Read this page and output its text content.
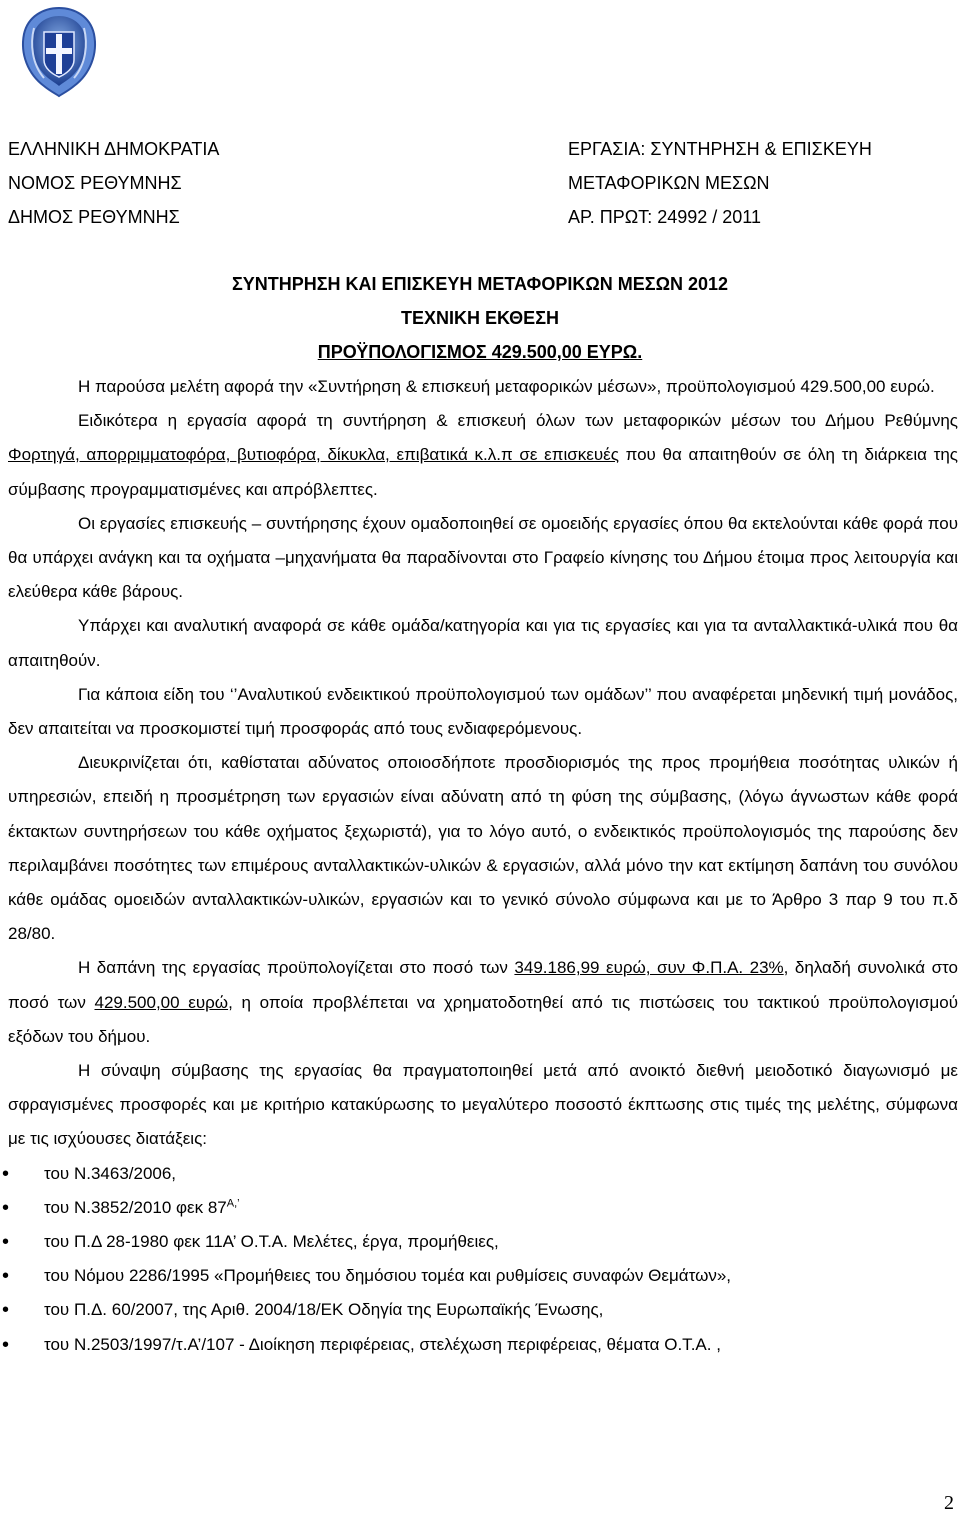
ΕΛΛΗΝΙΚΗ ΔΗΜΟΚΡΑΤΙΑ	ΕΡΓΑΣΙΑ: ΣΥΝΤΗΡΗΣΗ & ΕΠΙΣΚΕΥΗ
ΝΟΜΟΣ ΡΕΘΥΜΝΗΣ	ΜΕΤΑΦΟΡΙΚΩΝ ΜΕΣΩΝ
ΔΗΜΟΣ ΡΕΘΥΜΝΗΣ	ΑΡ. ΠΡΩΤ: 24992 / 2011
ΣΥΝΤΗΡΗΣΗ ΚΑΙ ΕΠΙΣΚΕΥΗ ΜΕΤΑΦΟΡΙΚΩΝ ΜΕΣΩΝ 2012
ΤΕΧΝΙΚΗ ΕΚΘΕΣΗ
ΠΡΟΫΠΟΛΟΓΙΣΜΟΣ 429.500,00 ΕΥΡΩ.

Η παρούσα μελέτη αφορά την «Συντήρηση & επισκευή μεταφορικών μέσων», προϋπολογισμού 429.500,00 ευρώ.

Ειδικότερα η εργασία αφορά τη συντήρηση & επισκευή όλων των μεταφορικών μέσων του Δήμου Ρεθύμνης Φορτηγά, απορριμματοφόρα, βυτιοφόρα, δίκυκλα, επιβατικά κ.λ.π σε επισκευές που θα απαιτηθούν σε όλη τη διάρκεια της σύμβασης προγραμματισμένες και απρόβλεπτες.

Οι εργασίες επισκευής – συντήρησης έχουν ομαδοποιηθεί σε ομοειδής εργασίες όπου θα εκτελούνται κάθε φορά που θα υπάρχει ανάγκη και τα οχήματα –μηχανήματα θα παραδίνονται στο Γραφείο κίνησης του Δήμου έτοιμα προς λειτουργία και ελεύθερα κάθε βάρους.

Υπάρχει και αναλυτική αναφορά σε κάθε ομάδα/κατηγορία και για τις εργασίες και για τα ανταλλακτικά-υλικά που θα απαιτηθούν.

Για κάποια είδη του ‘’Αναλυτικού ενδεικτικού προϋπολογισμού των ομάδων’’ που αναφέρεται μηδενική τιμή μονάδος, δεν απαιτείται να προσκομιστεί τιμή προσφοράς από τους ενδιαφερόμενους.

Διευκρινίζεται ότι, καθίσταται αδύνατος οποιοσδήποτε προσδιορισμός της προς προμήθεια ποσότητας υλικών ή υπηρεσιών, επειδή η προσμέτρηση των εργασιών είναι αδύνατη από τη φύση της σύμβασης, (λόγω άγνωστων κάθε φορά έκτακτων συντηρήσεων του κάθε οχήματος ξεχωριστά), για το λόγο αυτό, ο ενδεικτικός προϋπολογισμός της παρούσης δεν περιλαμβάνει ποσότητες των επιμέρους ανταλλακτικών-υλικών & εργασιών, αλλά μόνο την κατ εκτίμηση δαπάνη του συνόλου κάθε ομάδας ομοειδών ανταλλακτικών-υλικών, εργασιών και το γενικό σύνολο σύμφωνα και με το Άρθρο 3 παρ 9 του π.δ 28/80.

Η δαπάνη της εργασίας προϋπολογίζεται στο ποσό των 349.186,99 ευρώ, συν Φ.Π.Α. 23%, δηλαδή συνολικά στο ποσό των 429.500,00 ευρώ, η οποία προβλέπεται να χρηματοδοτηθεί από τις πιστώσεις του τακτικού προϋπολογισμού εξόδων του δήμου.

Η σύναψη σύμβασης της εργασίας θα πραγματοποιηθεί μετά από ανοικτό διεθνή μειοδοτικό διαγωνισμό με σφραγισμένες προσφορές και με κριτήριο κατακύρωσης το μεγαλύτερο ποσοστό έκπτωσης στις τιμές της μελέτης, σύμφωνα με τις ισχύουσες διατάξεις:

• του Ν.3463/2006,
• του Ν.3852/2010 φεκ $87^{A,’}$
• του Π.Δ 28-1980 φεκ 11Α’ Ο.Τ.Α. Μελέτες, έργα, προμήθειες,
• του Νόμου 2286/1995 «Προμήθειες του δημόσιου τομέα και ρυθμίσεις συναφών Θεμάτων»,
• του Π.Δ. 60/2007, της Αριθ. 2004/18/ΕΚ Οδηγία της Ευρωπαϊκής Ένωσης,
• του Ν.2503/1997/τ.Α’/107 - Διοίκηση περιφέρειας, στελέχωση περιφέρειας, θέματα Ο.Τ.Α. ,
2
